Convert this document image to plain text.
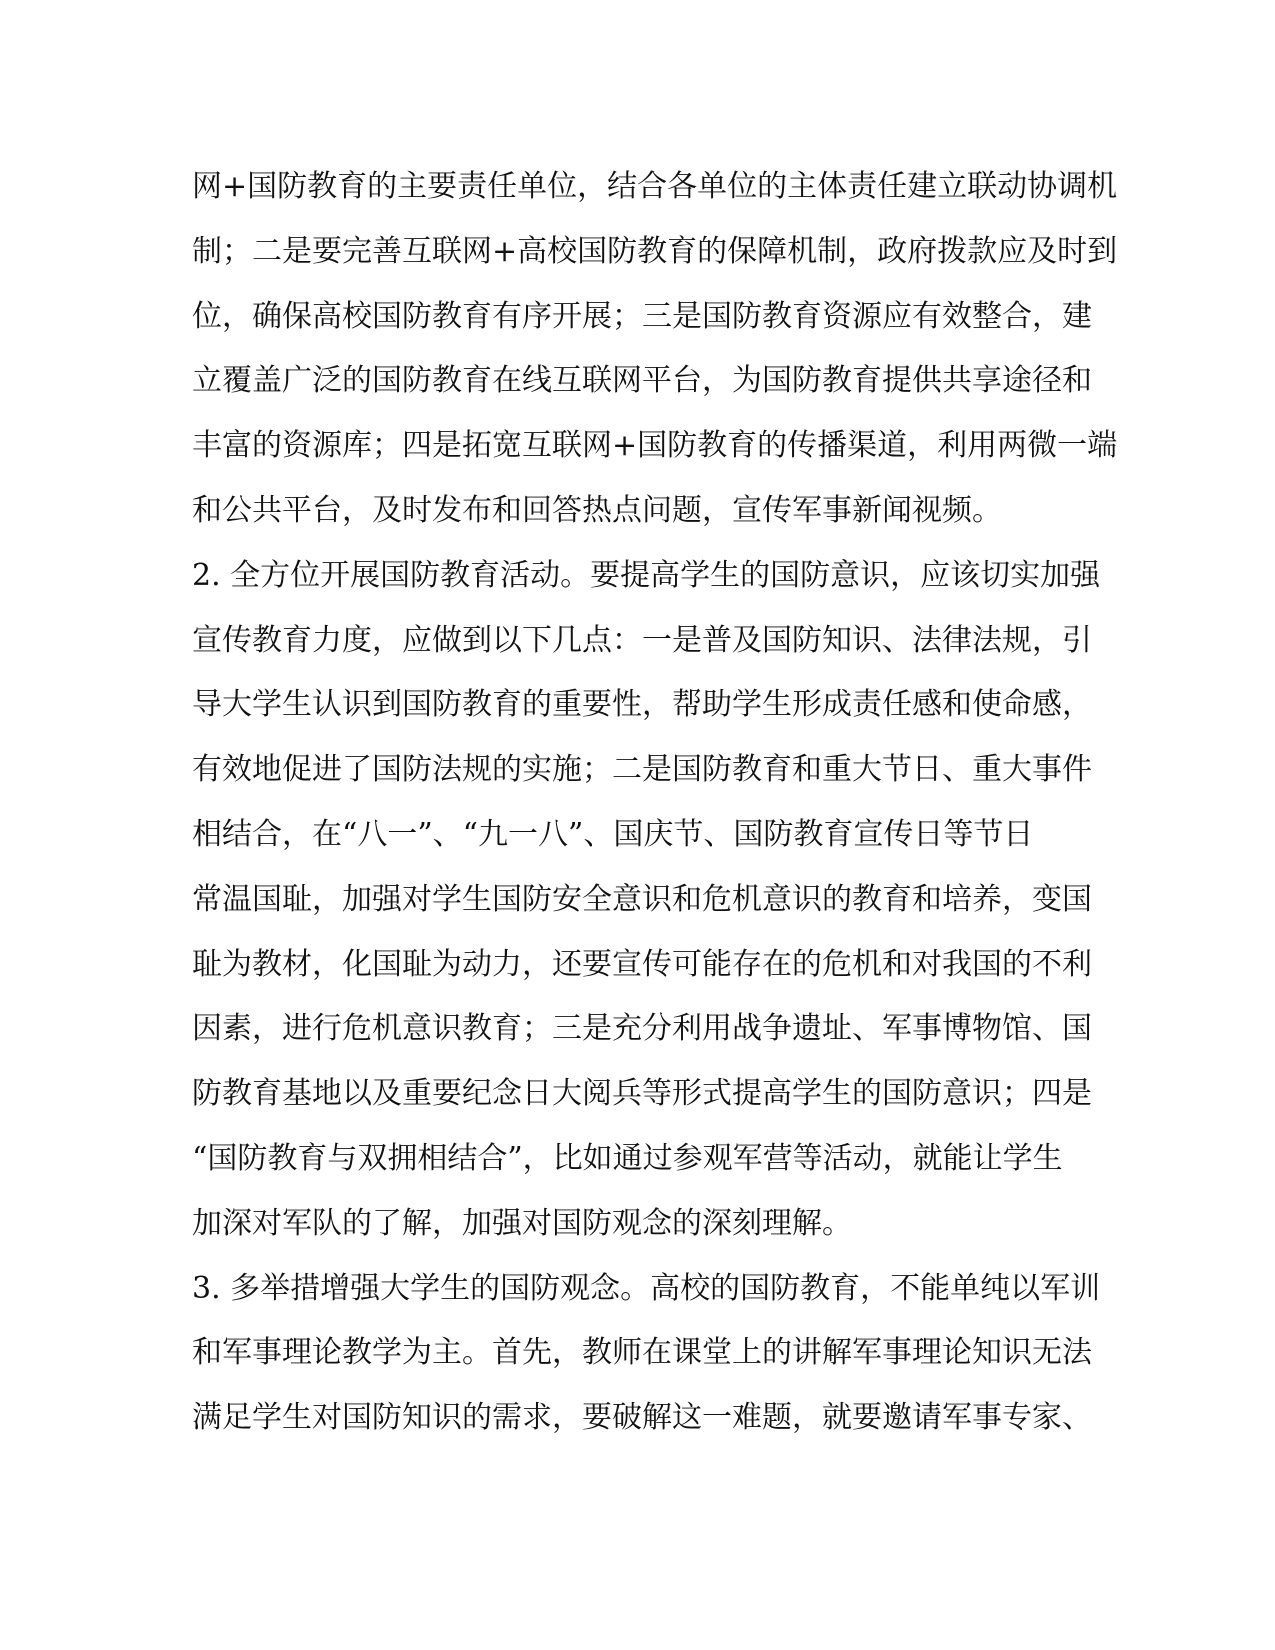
网+国防教育的主要责任单位，结合各单位的主体责任建立联动协调机
制；二是要完善互联网+高校国防教育的保障机制，政府拨款应及时到
位，确保高校国防教育有序开展；三是国防教育资源应有效整合，建
立覆盖广泛的国防教育在线互联网平台，为国防教育提供共享途径和
丰富的资源库；四是拓宽互联网+国防教育的传播渠道，利用两微一端
和公共平台，及时发布和回答热点问题，宣传军事新闻视频。
2. 全方位开展国防教育活动。要提高学生的国防意识，应该切实加强
宣传教育力度，应做到以下几点：一是普及国防知识、法律法规，引
导大学生认识到国防教育的重要性，帮助学生形成责任感和使命感，
有效地促进了国防法规的实施；二是国防教育和重大节日、重大事件
相结合，在“八一”、“九一八”、国庆节、国防教育宣传日等节日
常温国耻，加强对学生国防安全意识和危机意识的教育和培养，变国
耻为教材，化国耻为动力，还要宣传可能存在的危机和对我国的不利
因素，进行危机意识教育；三是充分利用战争遗址、军事博物馆、国
防教育基地以及重要纪念日大阅兵等形式提高学生的国防意识；四是
“国防教育与双拥相结合”，比如通过参观军营等活动，就能让学生
加深对军队的了解，加强对国防观念的深刻理解。
3. 多举措增强大学生的国防观念。高校的国防教育，不能单纯以军训
和军事理论教学为主。首先，教师在课堂上的讲解军事理论知识无法
满足学生对国防知识的需求，要破解这一难题，就要邀请军事专家、
